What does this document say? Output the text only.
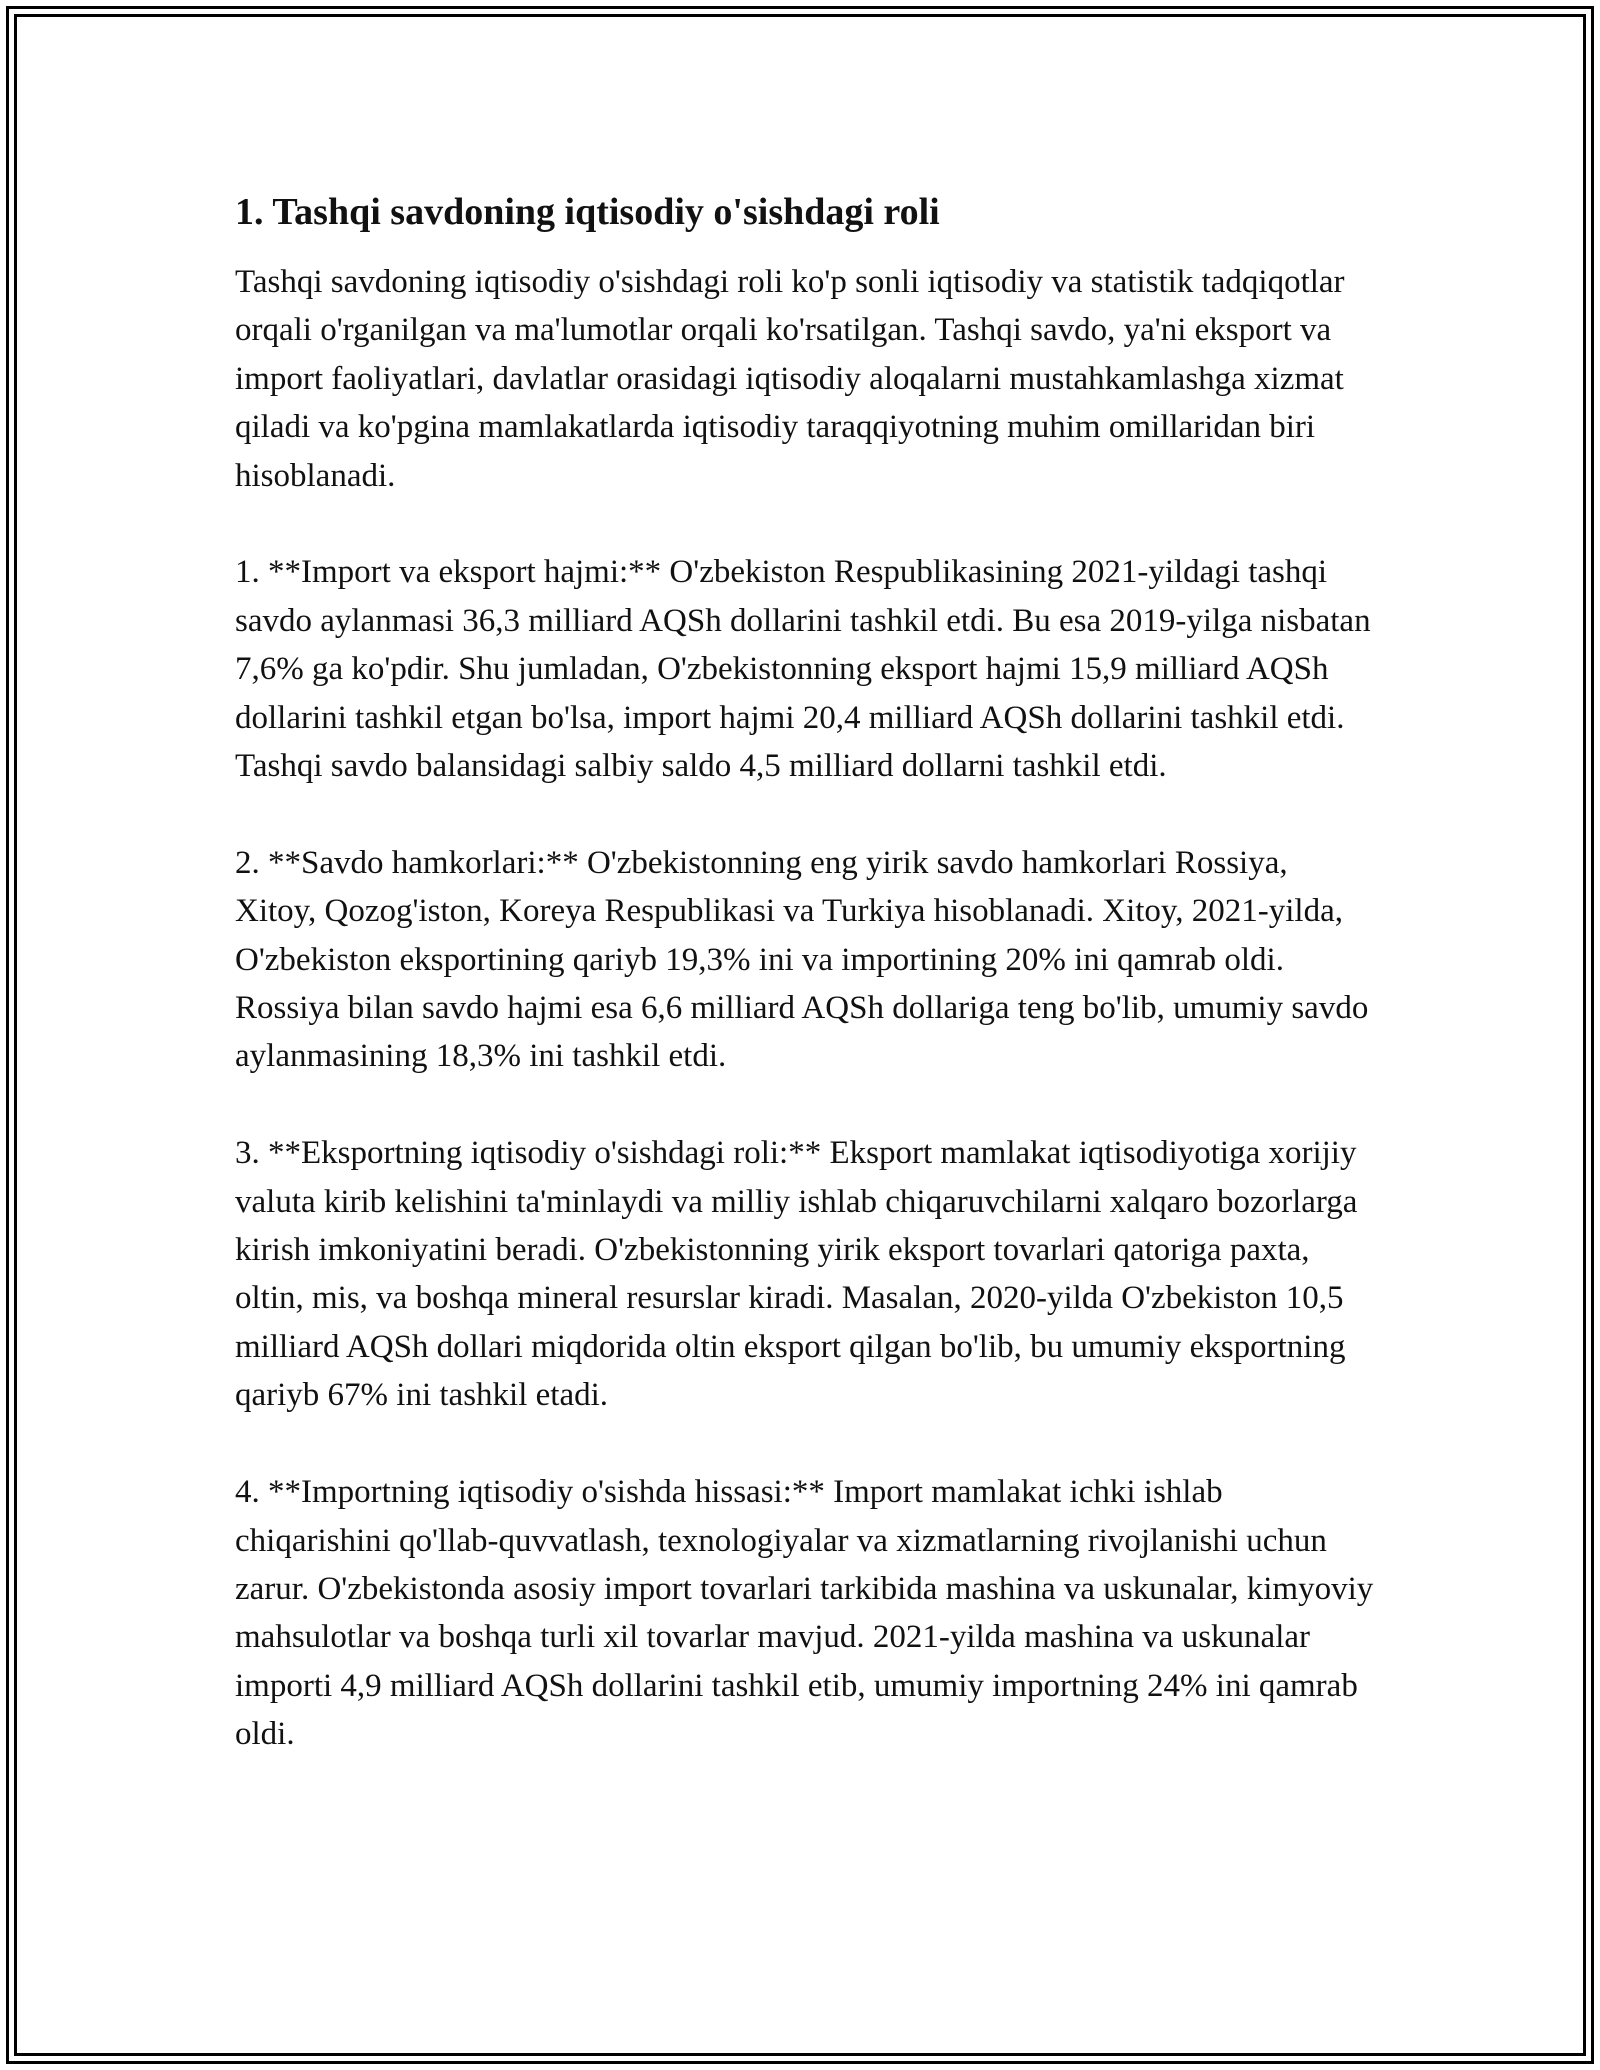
1. Tashqi savdoning iqtisodiy o'sishdagi roli

Tashqi savdoning iqtisodiy o'sishdagi roli ko'p sonli iqtisodiy va statistik tadqiqotlar orqali o'rganilgan va ma'lumotlar orqali ko'rsatilgan. Tashqi savdo, ya'ni eksport va import faoliyatlari, davlatlar orasidagi iqtisodiy aloqalarni mustahkamlashga xizmat qiladi va ko'pgina mamlakatlarda iqtisodiy taraqqiyotning muhim omillaridan biri hisoblanadi.

1. **Import va eksport hajmi:** O'zbekiston Respublikasining 2021-yildagi tashqi savdo aylanmasi 36,3 milliard AQSh dollarini tashkil etdi. Bu esa 2019-yilga nisbatan 7,6% ga ko'pdir. Shu jumladan, O'zbekistonning eksport hajmi 15,9 milliard AQSh dollarini tashkil etgan bo'lsa, import hajmi 20,4 milliard AQSh dollarini tashkil etdi. Tashqi savdo balansidagi salbiy saldo 4,5 milliard dollarni tashkil etdi.

2. **Savdo hamkorlari:** O'zbekistonning eng yirik savdo hamkorlari Rossiya, Xitoy, Qozog'iston, Koreya Respublikasi va Turkiya hisoblanadi. Xitoy, 2021-yilda, O'zbekiston eksportining qariyb 19,3% ini va importining 20% ini qamrab oldi. Rossiya bilan savdo hajmi esa 6,6 milliard AQSh dollariga teng bo'lib, umumiy savdo aylanmasining 18,3% ini tashkil etdi.

3. **Eksportning iqtisodiy o'sishdagi roli:** Eksport mamlakat iqtisodiyotiga xorijiy valuta kirib kelishini ta'minlaydi va milliy ishlab chiqaruvchilarni xalqaro bozorlarga kirish imkoniyatini beradi. O'zbekistonning yirik eksport tovarlari qatoriga paxta, oltin, mis, va boshqa mineral resurslar kiradi. Masalan, 2020-yilda O'zbekiston 10,5 milliard AQSh dollari miqdorida oltin eksport qilgan bo'lib, bu umumiy eksportning qariyb 67% ini tashkil etadi.

4. **Importning iqtisodiy o'sishda hissasi:** Import mamlakat ichki ishlab chiqarishini qo'llab-quvvatlash, texnologiyalar va xizmatlarning rivojlanishi uchun zarur. O'zbekistonda asosiy import tovarlari tarkibida mashina va uskunalar, kimyoviy mahsulotlar va boshqa turli xil tovarlar mavjud. 2021-yilda mashina va uskunalar importi 4,9 milliard AQSh dollarini tashkil etib, umumiy importning 24% ini qamrab oldi.
